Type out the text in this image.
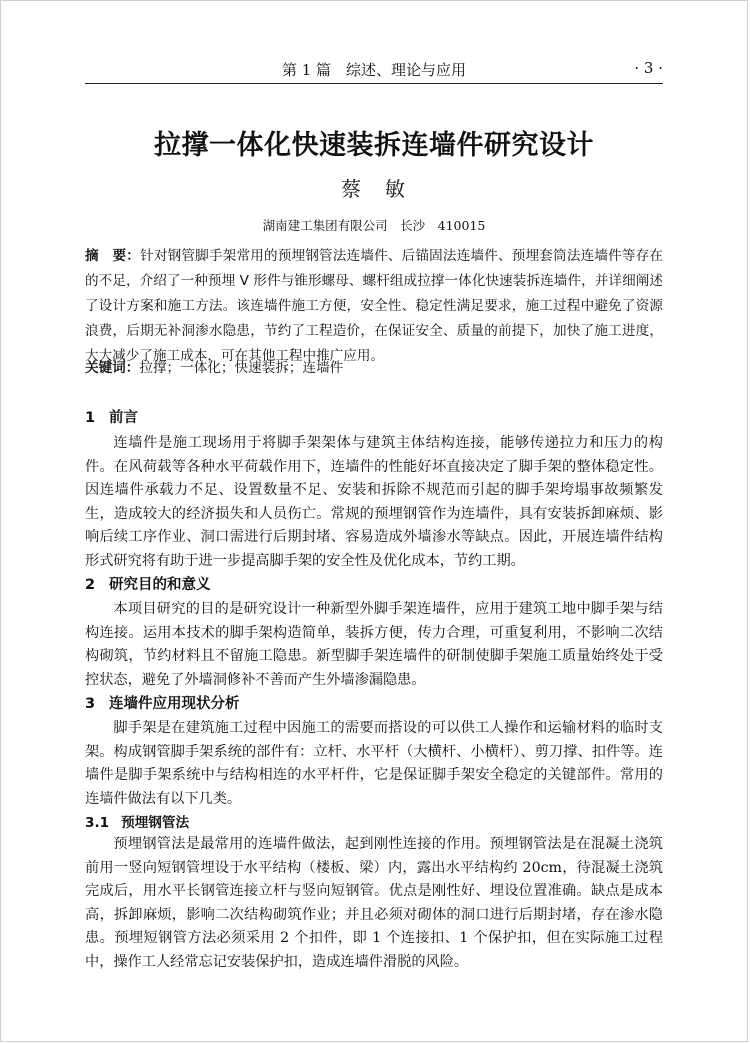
第 1 篇　综述、理论与应用	· 3 ·
拉撑一体化快速装拆连墙件研究设计
蔡　敏
湖南建工集团有限公司　长沙　410015
摘　要：针对钢管脚手架常用的预埋钢管法连墙件、后锚固法连墙件、预埋套筒法连墙件等存在的不足，介绍了一种预埋 V 形件与锥形螺母、螺杆组成拉撑一体化快速装拆连墙件，并详细阐述了设计方案和施工方法。该连墙件施工方便，安全性、稳定性满足要求，施工过程中避免了资源浪费，后期无补洞渗水隐患，节约了工程造价，在保证安全、质量的前提下，加快了施工进度，大大减少了施工成本，可在其他工程中推广应用。
关键词：拉撑；一体化；快速装拆；连墙件
1 前言
连墙件是施工现场用于将脚手架架体与建筑主体结构连接，能够传递拉力和压力的构件。在风荷载等各种水平荷载作用下，连墙件的性能好坏直接决定了脚手架的整体稳定性。因连墙件承载力不足、设置数量不足、安装和拆除不规范而引起的脚手架垮塌事故频繁发生，造成较大的经济损失和人员伤亡。常规的预埋钢管作为连墙件，具有安装拆卸麻烦、影响后续工序作业、洞口需进行后期封堵、容易造成外墙渗水等缺点。因此，开展连墙件结构形式研究将有助于进一步提高脚手架的安全性及优化成本，节约工期。
2 研究目的和意义
本项目研究的目的是研究设计一种新型外脚手架连墙件，应用于建筑工地中脚手架与结构连接。运用本技术的脚手架构造简单，装拆方便，传力合理，可重复利用，不影响二次结构砌筑，节约材料且不留施工隐患。新型脚手架连墙件的研制使脚手架施工质量始终处于受控状态，避免了外墙洞修补不善而产生外墙渗漏隐患。
3 连墙件应用现状分析
脚手架是在建筑施工过程中因施工的需要而搭设的可以供工人操作和运输材料的临时支架。构成钢管脚手架系统的部件有：立杆、水平杆（大横杆、小横杆）、剪刀撑、扣件等。连墙件是脚手架系统中与结构相连的水平杆件，它是保证脚手架安全稳定的关键部件。常用的连墙件做法有以下几类。
3.1 预埋钢管法
预埋钢管法是最常用的连墙件做法，起到刚性连接的作用。预埋钢管法是在混凝土浇筑前用一竖向短钢管埋设于水平结构（楼板、梁）内，露出水平结构约 20cm，待混凝土浇筑完成后，用水平长钢管连接立杆与竖向短钢管。优点是刚性好、埋设位置准确。缺点是成本高，拆卸麻烦，影响二次结构砌筑作业；并且必须对砌体的洞口进行后期封堵，存在渗水隐患。预埋短钢管方法必须采用 2 个扣件，即 1 个连接扣、1 个保护扣，但在实际施工过程中，操作工人经常忘记安装保护扣，造成连墙件滑脱的风险。
